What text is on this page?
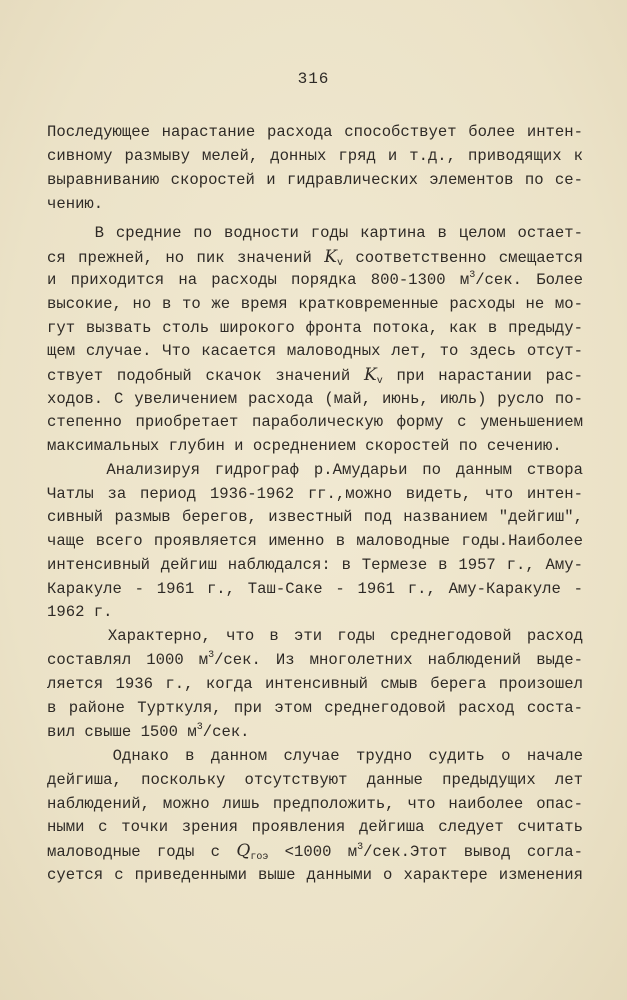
316
Последующее нарастание расхода способствует более интен-
сивному размыву мелей, донных гряд и т.д., приводящих к
выравниванию скоростей и гидравлических элементов по се-
чению.
В средние по водности годы картина в целом остает-
ся прежней, но пик значений $K_v$ соответственно смещается
и приходится на расходы порядка 800-1300 $м^3$/сек. Более
высокие, но в то же время кратковременные расходы не мо-
гут вызвать столь широкого фронта потока, как в предыду-
щем случае. Что касается маловодных лет, то здесь отсут-
ствует подобный скачок значений $K_v$ при нарастании рас-
ходов. С увеличением расхода (май, июнь, июль) русло по-
степенно приобретает параболическую форму с уменьшением
максимальных глубин и осреднением скоростей по сечению.
Анализируя гидрограф р.Амударьи по данным створа
Чатлы за период 1936-1962 гг.,можно видеть, что интен-
сивный размыв берегов, известный под названием "дейгиш",
чаще всего проявляется именно в маловодные годы.Наиболее
интенсивный дейгиш наблюдался: в Термезе в 1957 г., Аму-
Каракуле - 1961 г., Таш-Саке - 1961 г., Аму-Каракуле -
1962 г.
Характерно, что в эти годы среднегодовой расход
составлял 1000 $м^3$/сек. Из многолетних наблюдений выде-
ляется 1936 г., когда интенсивный смыв берега произошел
в районе Турткуля, при этом среднегодовой расход соста-
вил свыше 1500 $м^3$/сек.
Однако в данном случае трудно судить о начале
дейгиша, поскольку отсутствуют данные предыдущих лет
наблюдений, можно лишь предположить, что наиболее опас-
ными с точки зрения проявления дейгиша следует считать
маловодные годы с $Q_{гоэ} <1000$ $м^3/сек.Этот$ вывод согла-
суется с приведенными выше данными о характере изменения
